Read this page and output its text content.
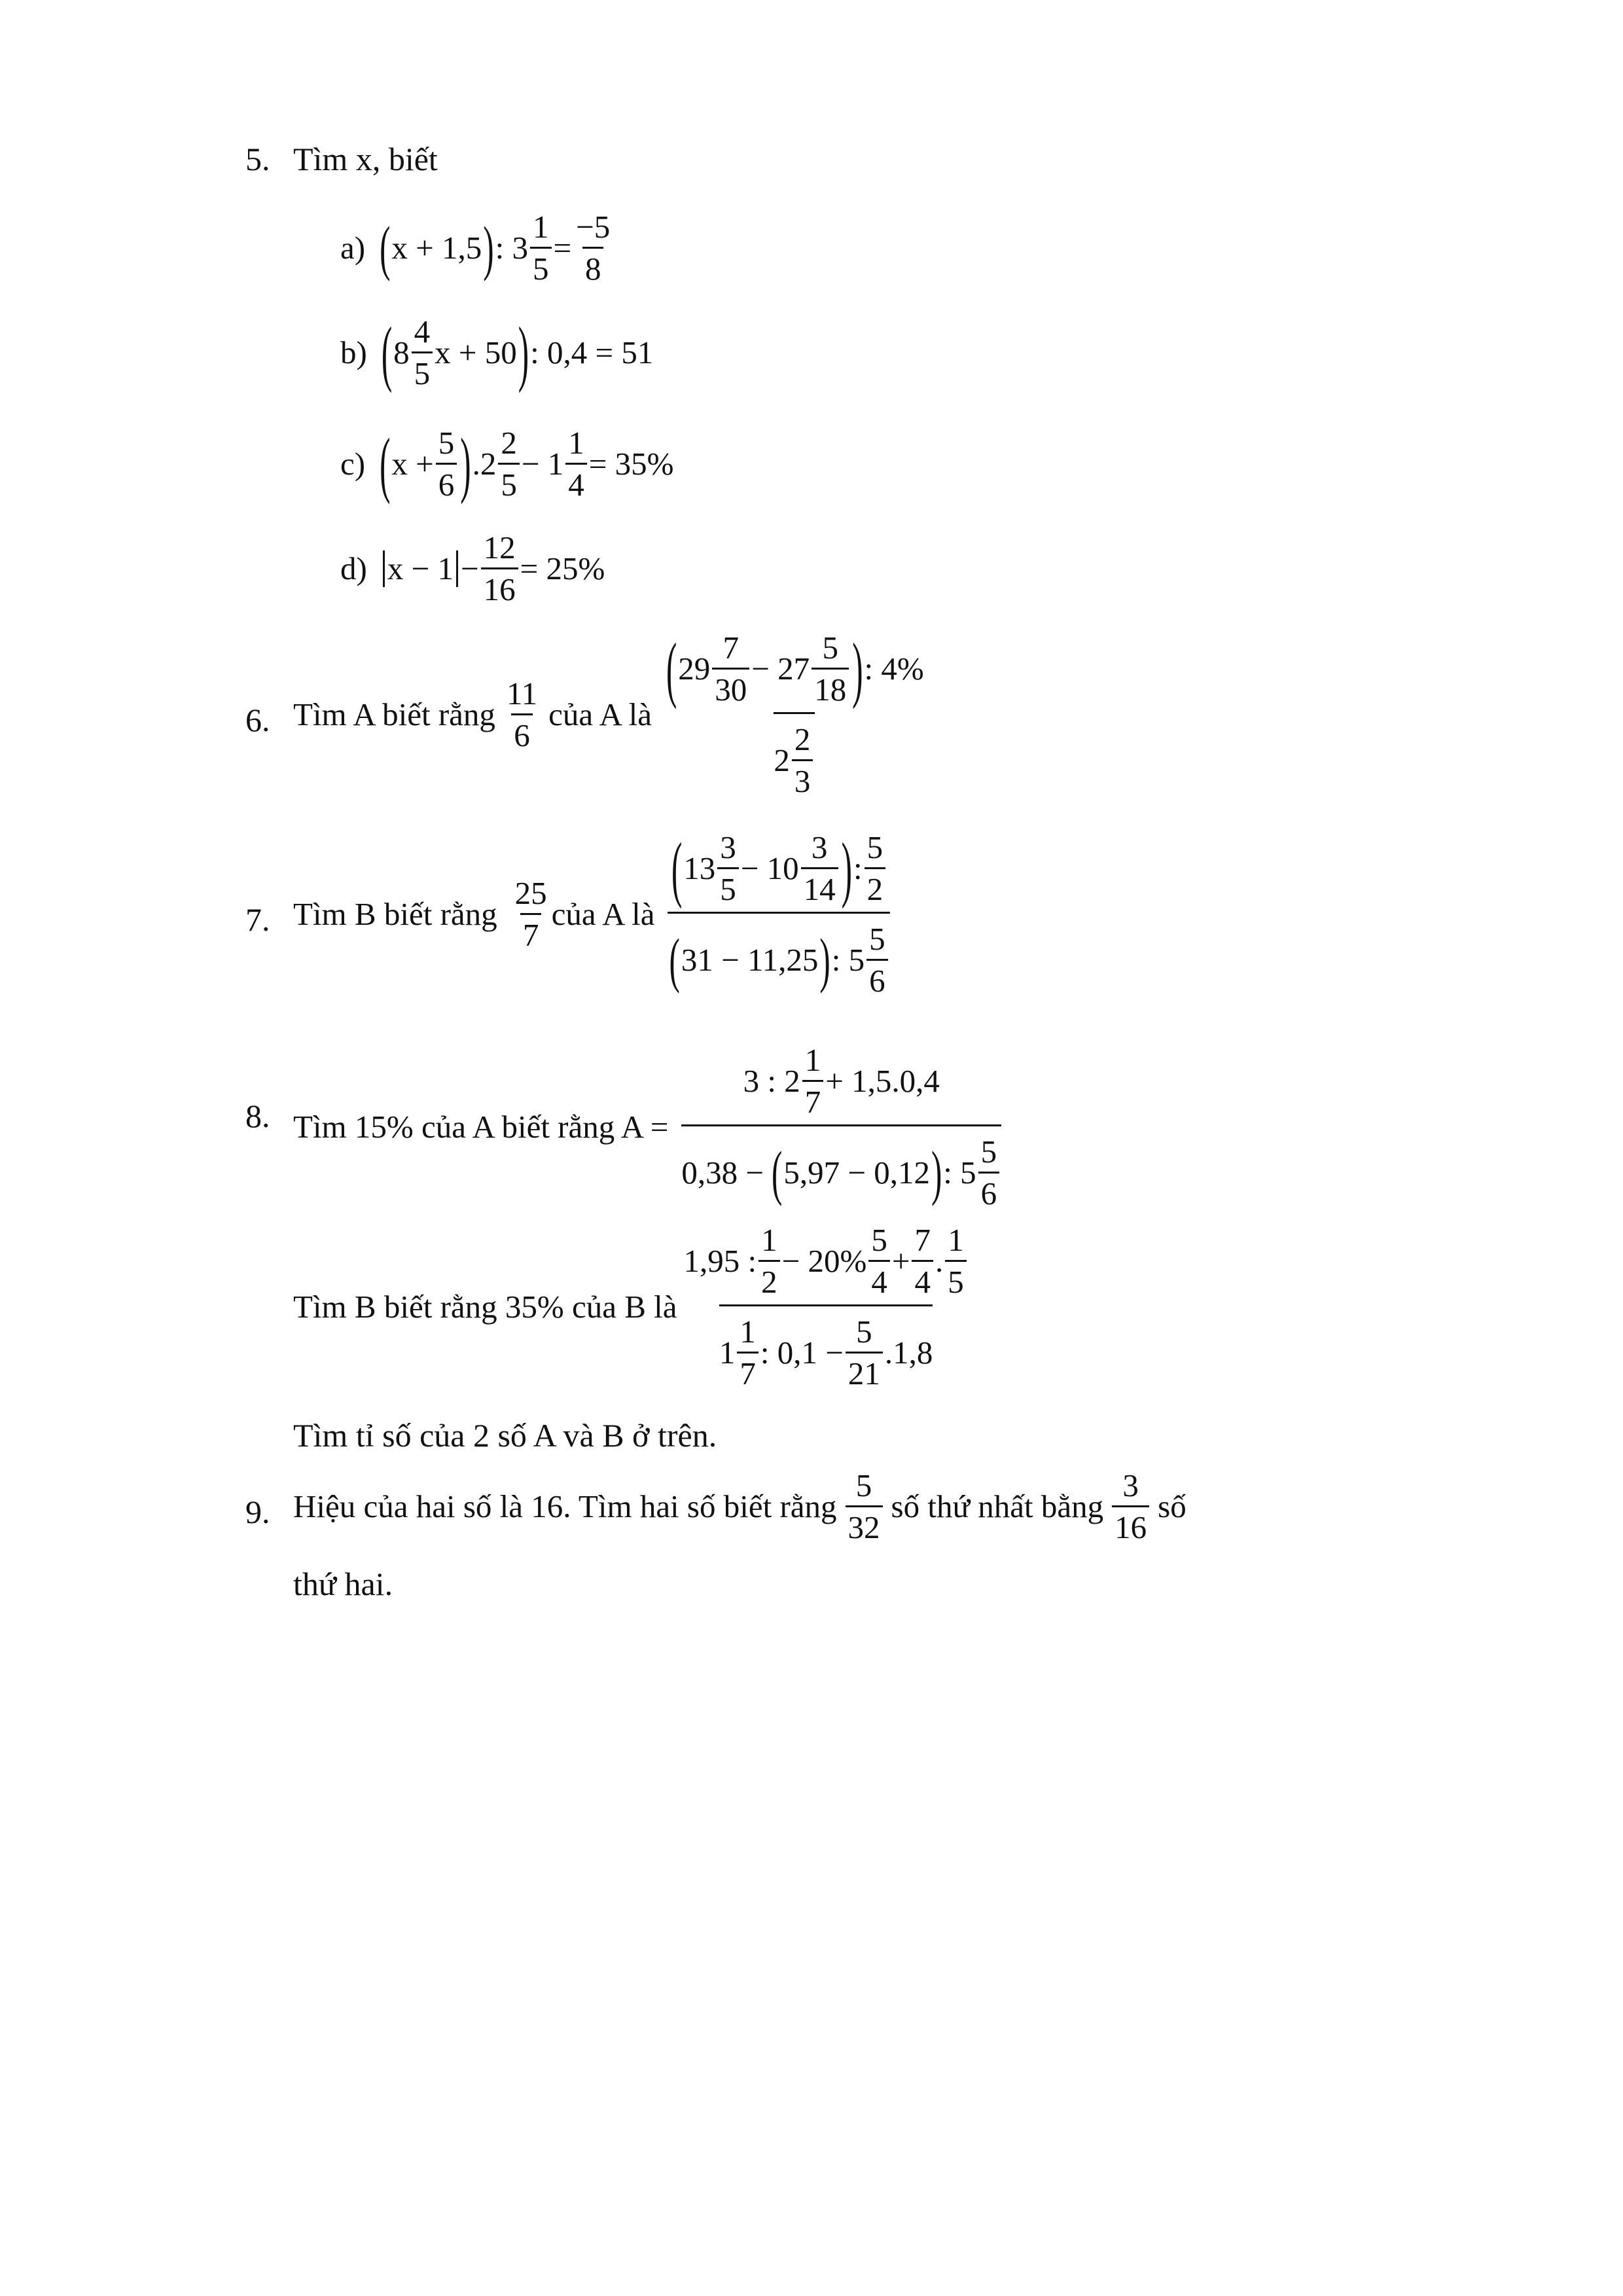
5. Tìm x, biết
a) ( x + 1,5 ) : $3 \frac{1}{5} = \frac{-5}{8}$
b) ( $8 \frac{4}{5}$ x + 50 ) : 0,4 = 51
c) ( $x + \frac{5}{6}$ ) $.2 \frac{2}{5} - 1 \frac{1}{4} = 35\%$
d) $x - 1 - \frac{12}{16} = 25\%$
6. Tìm A biết rằng $\frac{11}{6}$ của A là
( $29 \frac{7}{30} - 27 \frac{5}{18}$ ) : 4%
$2 \frac{2}{3}$
7. Tìm B biết rằng $\frac{25}{7}$ của A là
( $13 \frac{3}{5} - 10 \frac{3}{14}$ ) : $\frac{5}{2}$
( 31 − 11,25 ) : $5 \frac{5}{6}$
8. Tìm 15% của A biết rằng A =
3 : $2 \frac{1}{7} + 1,5.0,4$
0,38 − ( 5,97 − 0,12 ) : $5 \frac{5}{6}$
Tìm B biết rằng 35% của B là
1,95 : $\frac{1}{2} - 20\% \frac{5}{4} + \frac{7}{4}$ . $\frac{1}{5}$
$1 \frac{1}{7}$ : $0,1 - \frac{5}{21} .1,8$
Tìm tỉ số của 2 số A và B ở trên.
9. Hiệu của hai số là 16. Tìm hai số biết rằng $\frac{5}{32}$ số thứ nhất bằng $\frac{3}{16}$ số
thứ hai.
